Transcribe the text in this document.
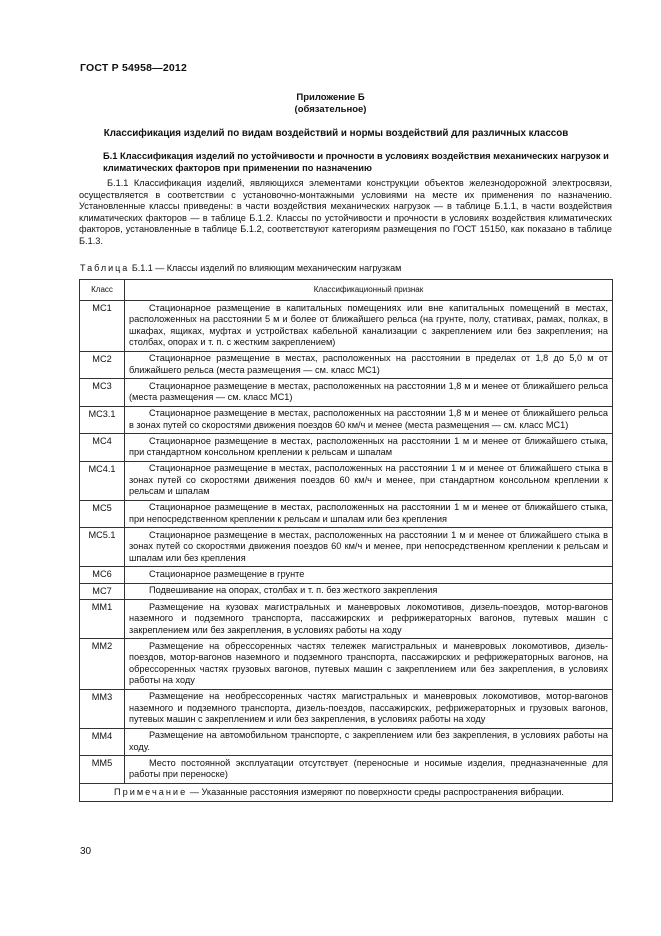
ГОСТ Р 54958—2012
Приложение Б
(обязательное)
Классификация изделий по видам воздействий и нормы воздействий для различных классов
Б.1 Классификация изделий по устойчивости и прочности в условиях воздействия механических нагрузок и климатических факторов при применении по назначению
Б.1.1 Классификация изделий, являющихся элементами конструкции объектов железнодорожной электросвязи, осуществляется в соответствии с установочно-монтажными условиями на месте их применения по назначению. Установленные классы приведены: в части воздействия механических нагрузок — в таблице Б.1.1, в части воздействия климатических факторов — в таблице Б.1.2. Классы по устойчивости и прочности в условиях воздействия климатических факторов, установленные в таблице Б.1.2, соответствуют категориям размещения по ГОСТ 15150, как показано в таблице Б.1.3.
Таблица Б.1.1 — Классы изделий по влияющим механическим нагрузкам
Класс	Классификационный признак
МС1	Стационарное размещение в капитальных помещениях или вне капитальных помещений в местах, расположенных на расстоянии 5 м и более от ближайшего рельса (на грунте, полу, стативах, рамах, полках, в шкафах, ящиках, муфтах и устройствах кабельной канализации с закреплением или без закрепления; на столбах, опорах и т. п. с жестким закреплением)
МС2	Стационарное размещение в местах, расположенных на расстоянии в пределах от 1,8 до 5,0 м от ближайшего рельса (места размещения — см. класс МС1)
МС3	Стационарное размещение в местах, расположенных на расстоянии 1,8 м и менее от ближайшего рельса (места размещения — см. класс МС1)
МС3.1	Стационарное размещение в местах, расположенных на расстоянии 1,8 м и менее от ближайшего рельса в зонах путей со скоростями движения поездов 60 км/ч и менее (места размещения — см. класс МС1)
МС4	Стационарное размещение в местах, расположенных на расстоянии 1 м и менее от ближайшего стыка, при стандартном консольном креплении к рельсам и шпалам
МС4.1	Стационарное размещение в местах, расположенных на расстоянии 1 м и менее от ближайшего стыка в зонах путей со скоростями движения поездов 60 км/ч и менее, при стандартном консольном креплении к рельсам и шпалам
МС5	Стационарное размещение в местах, расположенных на расстоянии 1 м и менее от ближайшего стыка, при непосредственном креплении к рельсам и шпалам или без крепления
МС5.1	Стационарное размещение в местах, расположенных на расстоянии 1 м и менее от ближайшего стыка в зонах путей со скоростями движения поездов 60 км/ч и менее, при непосредственном креплении к рельсам и шпалам или без крепления
МС6	Стационарное размещение в грунте
МС7	Подвешивание на опорах, столбах и т. п. без жесткого закрепления
ММ1	Размещение на кузовах магистральных и маневровых локомотивов, дизель-поездов, мотор-вагонов наземного и подземного транспорта, пассажирских и рефрижераторных вагонов, путевых машин с закреплением или без закрепления, в условиях работы на ходу
ММ2	Размещение на обрессоренных частях тележек магистральных и маневровых локомотивов, дизель-поездов, мотор-вагонов наземного и подземного транспорта, пассажирских и рефрижераторных вагонов, на обрессоренных частях грузовых вагонов, путевых машин с закреплением или без закрепления, в условиях работы на ходу
ММ3	Размещение на необрессоренных частях магистральных и маневровых локомотивов, мотор-вагонов наземного и подземного транспорта, дизель-поездов, пассажирских, рефрижераторных и грузовых вагонов, путевых машин с закреплением и или без закрепления, в условиях работы на ходу
ММ4	Размещение на автомобильном транспорте, с закреплением или без закрепления, в условиях работы на ходу.
ММ5	Место постоянной эксплуатации отсутствует (переносные и носимые изделия, предназначенные для работы при переноске)
Примечание — Указанные расстояния измеряют по поверхности среды распространения вибрации.	
30
